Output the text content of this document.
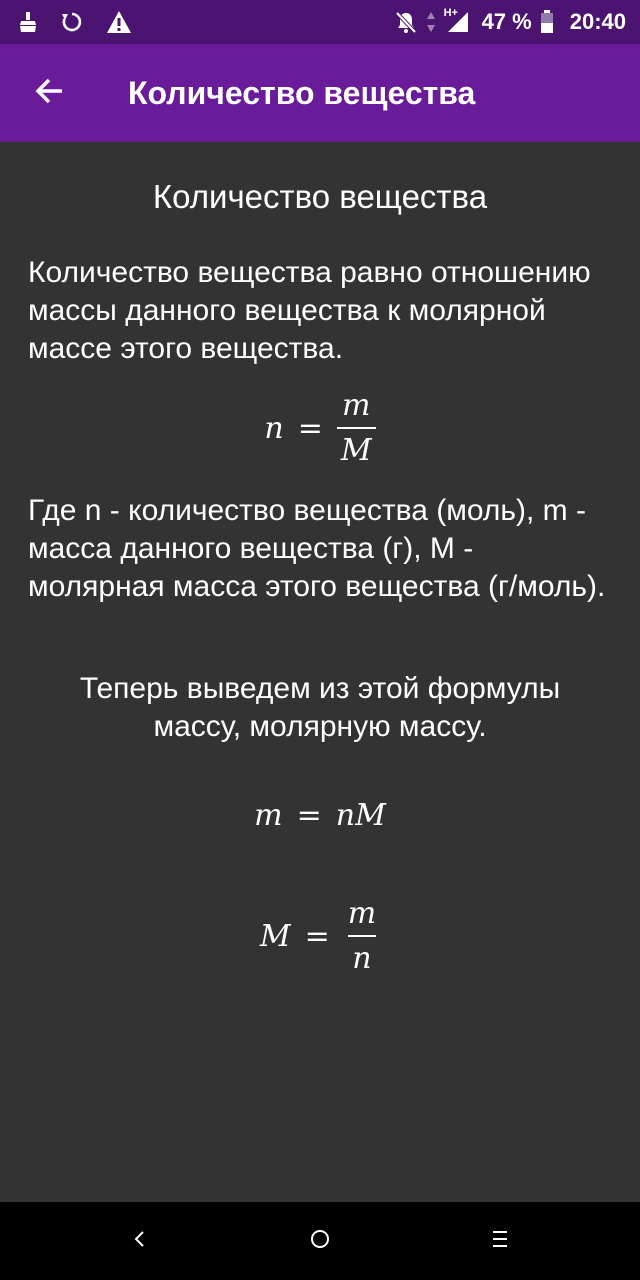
H+ 47 % 20:40
Количество вещества
Количество вещества
Количество вещества равно отношению массы данного вещества к молярной массе этого вещества.
$n = \frac{m}{M}$
Где n - количество вещества (моль), m - масса данного вещества (г), M - молярная масса этого вещества (г/моль).
Теперь выведем из этой формулы массу, молярную массу.
m = nM
$M = \frac{m}{n}$
